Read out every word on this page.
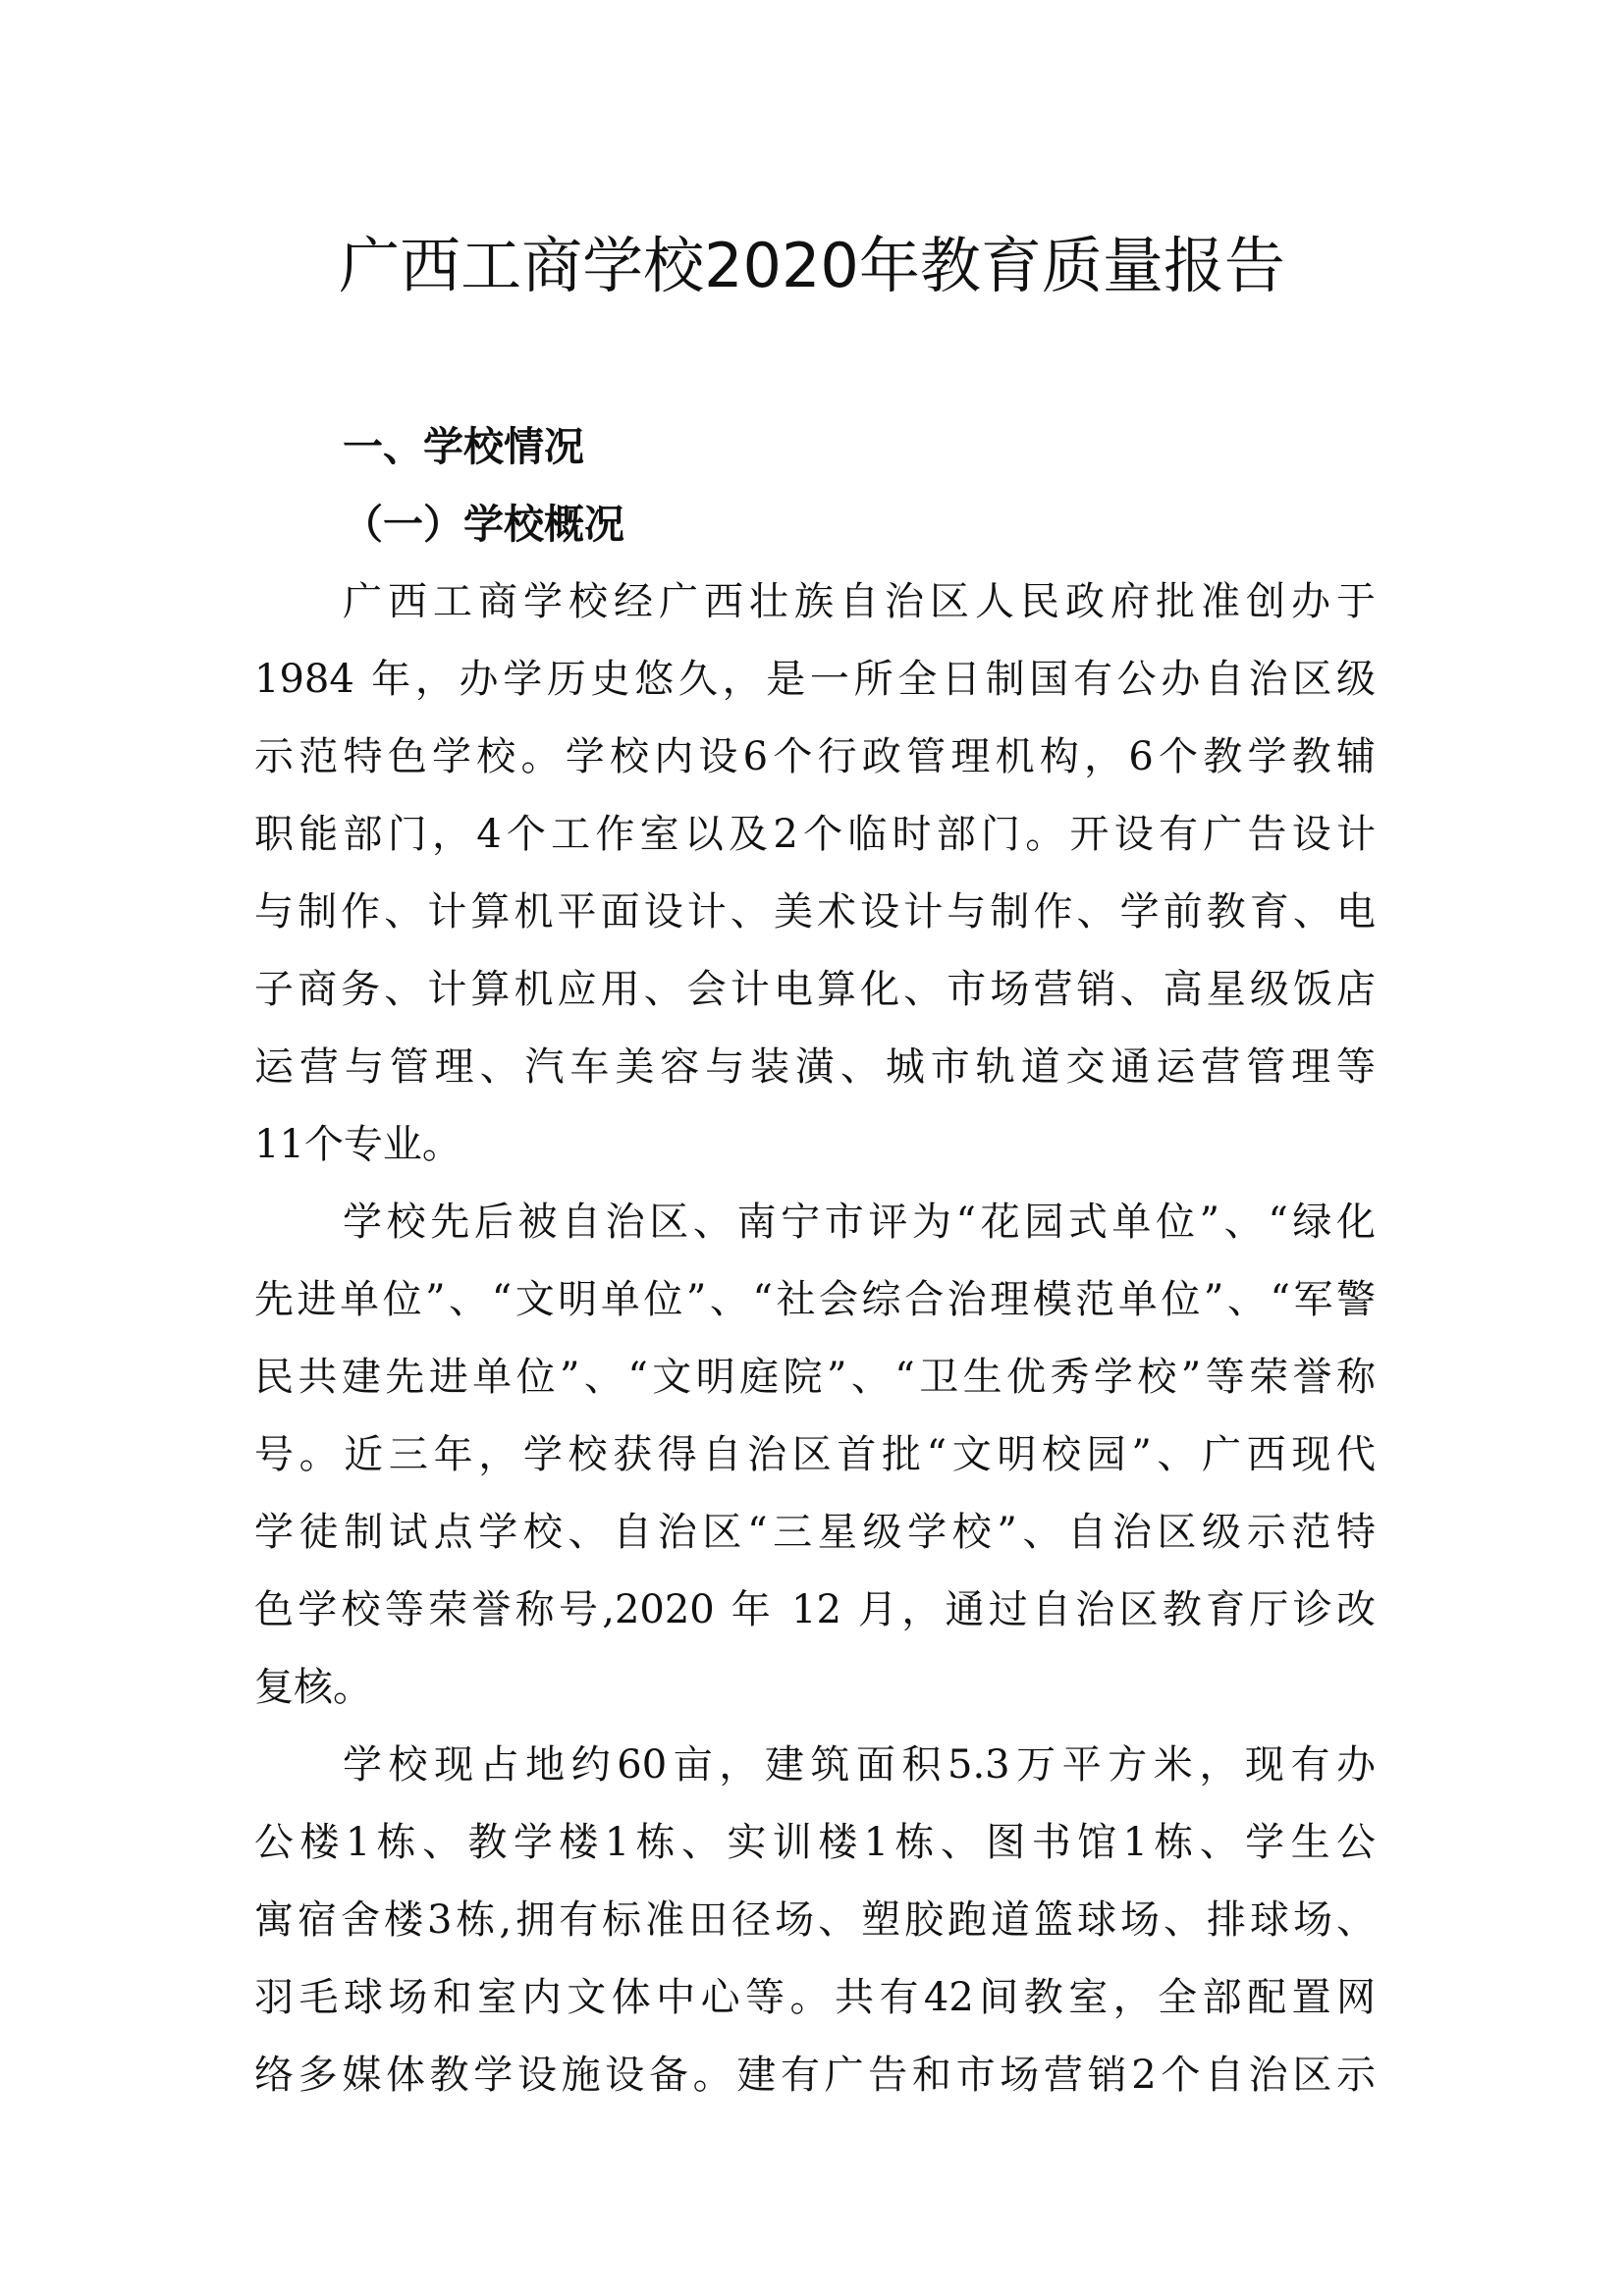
广西工商学校2020年教育质量报告
一、学校情况
（一）学校概况
广西工商学校经广西壮族自治区人民政府批准创办于
1984 年，办学历史悠久，是一所全日制国有公办自治区级
示范特色学校。学校内设6个行政管理机构，6个教学教辅
职能部门，4个工作室以及2个临时部门。开设有广告设计
与制作、计算机平面设计、美术设计与制作、学前教育、电
子商务、计算机应用、会计电算化、市场营销、高星级饭店
运营与管理、汽车美容与装潢、城市轨道交通运营管理等
11个专业。
学校先后被自治区、南宁市评为“花园式单位”、“绿化
先进单位”、“文明单位”、“社会综合治理模范单位”、“军警
民共建先进单位”、“文明庭院”、“卫生优秀学校”等荣誉称
号。近三年，学校获得自治区首批“文明校园”、广西现代
学徒制试点学校、自治区“三星级学校”、自治区级示范特
色学校等荣誉称号,2020 年 12 月，通过自治区教育厅诊改
复核。
学校现占地约60亩，建筑面积5.3万平方米，现有办
公楼1栋、教学楼1栋、实训楼1栋、图书馆1栋、学生公
寓宿舍楼3栋,拥有标准田径场、塑胶跑道篮球场、排球场、
羽毛球场和室内文体中心等。共有42间教室，全部配置网
络多媒体教学设施设备。建有广告和市场营销2个自治区示
